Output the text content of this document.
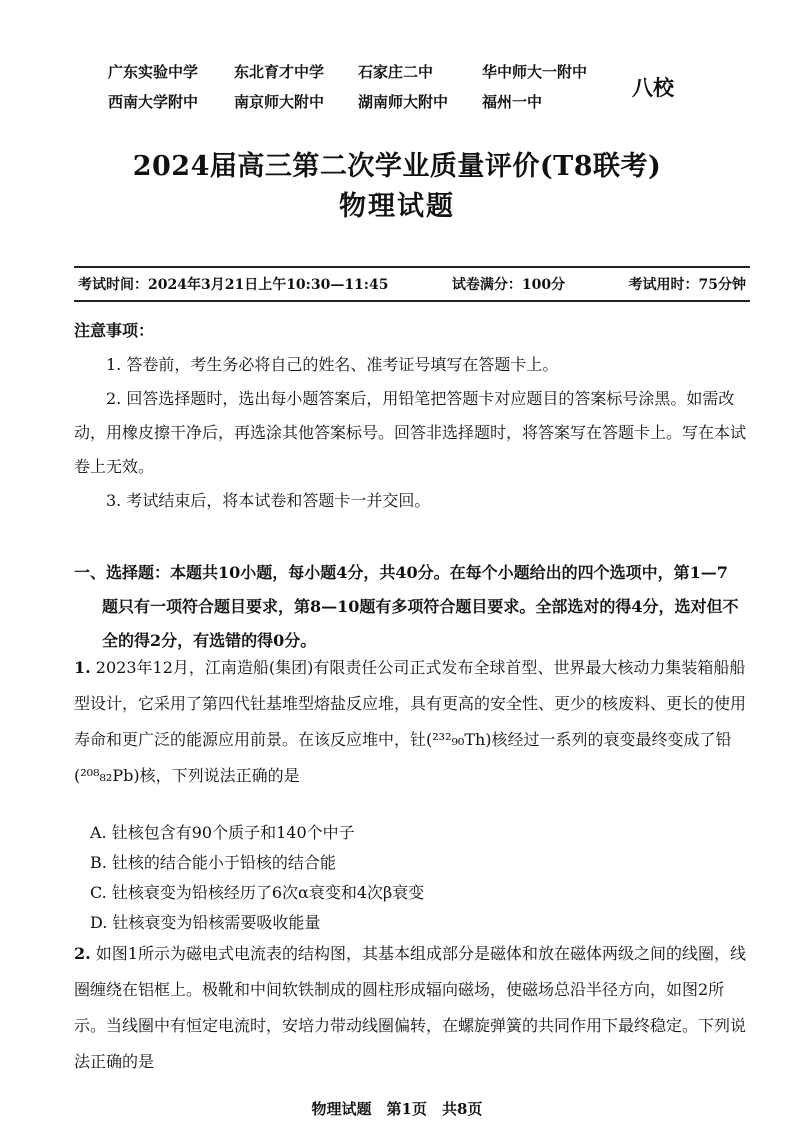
广东实验中学	东北育才中学	石家庄二中	华中师大一附中
西南大学附中	南京师大附中	湖南师大附中	福州一中
八校
2024届高三第二次学业质量评价(T8联考)
物理试题
考试时间：2024年3月21日上午10:30—11:45	试卷满分：100分	考试用时：75分钟
注意事项：
1. 答卷前，考生务必将自己的姓名、准考证号填写在答题卡上。
2. 回答选择题时，选出每小题答案后，用铅笔把答题卡对应题目的答案标号涂黑。如需改动，用橡皮擦干净后，再选涂其他答案标号。回答非选择题时，将答案写在答题卡上。写在本试卷上无效。
3. 考试结束后，将本试卷和答题卡一并交回。
一、选择题：本题共10小题，每小题4分，共40分。在每个小题给出的四个选项中，第1—7
题只有一项符合题目要求，第8—10题有多项符合题目要求。全部选对的得4分，选对但不全的得2分，有选错的得0分。
1. 2023年12月，江南造船(集团)有限责任公司正式发布全球首型、世界最大核动力集装箱船船型设计，它采用了第四代钍基堆型熔盐反应堆，具有更高的安全性、更少的核废料、更长的使用寿命和更广泛的能源应用前景。在该反应堆中，钍(²³²₉₀Th)核经过一系列的衰变最终变成了铅(²⁰⁸₈₂Pb)核，下列说法正确的是
A. 钍核包含有90个质子和140个中子
B. 钍核的结合能小于铅核的结合能
C. 钍核衰变为铅核经历了6次α衰变和4次β衰变
D. 钍核衰变为铅核需要吸收能量
2. 如图1所示为磁电式电流表的结构图，其基本组成部分是磁体和放在磁体两级之间的线圈，线圈缠绕在铝框上。极靴和中间软铁制成的圆柱形成辐向磁场，使磁场总沿半径方向，如图2所示。当线圈中有恒定电流时，安培力带动线圈偏转，在螺旋弹簧的共同作用下最终稳定。下列说法正确的是
物理试题　第1页　共8页
